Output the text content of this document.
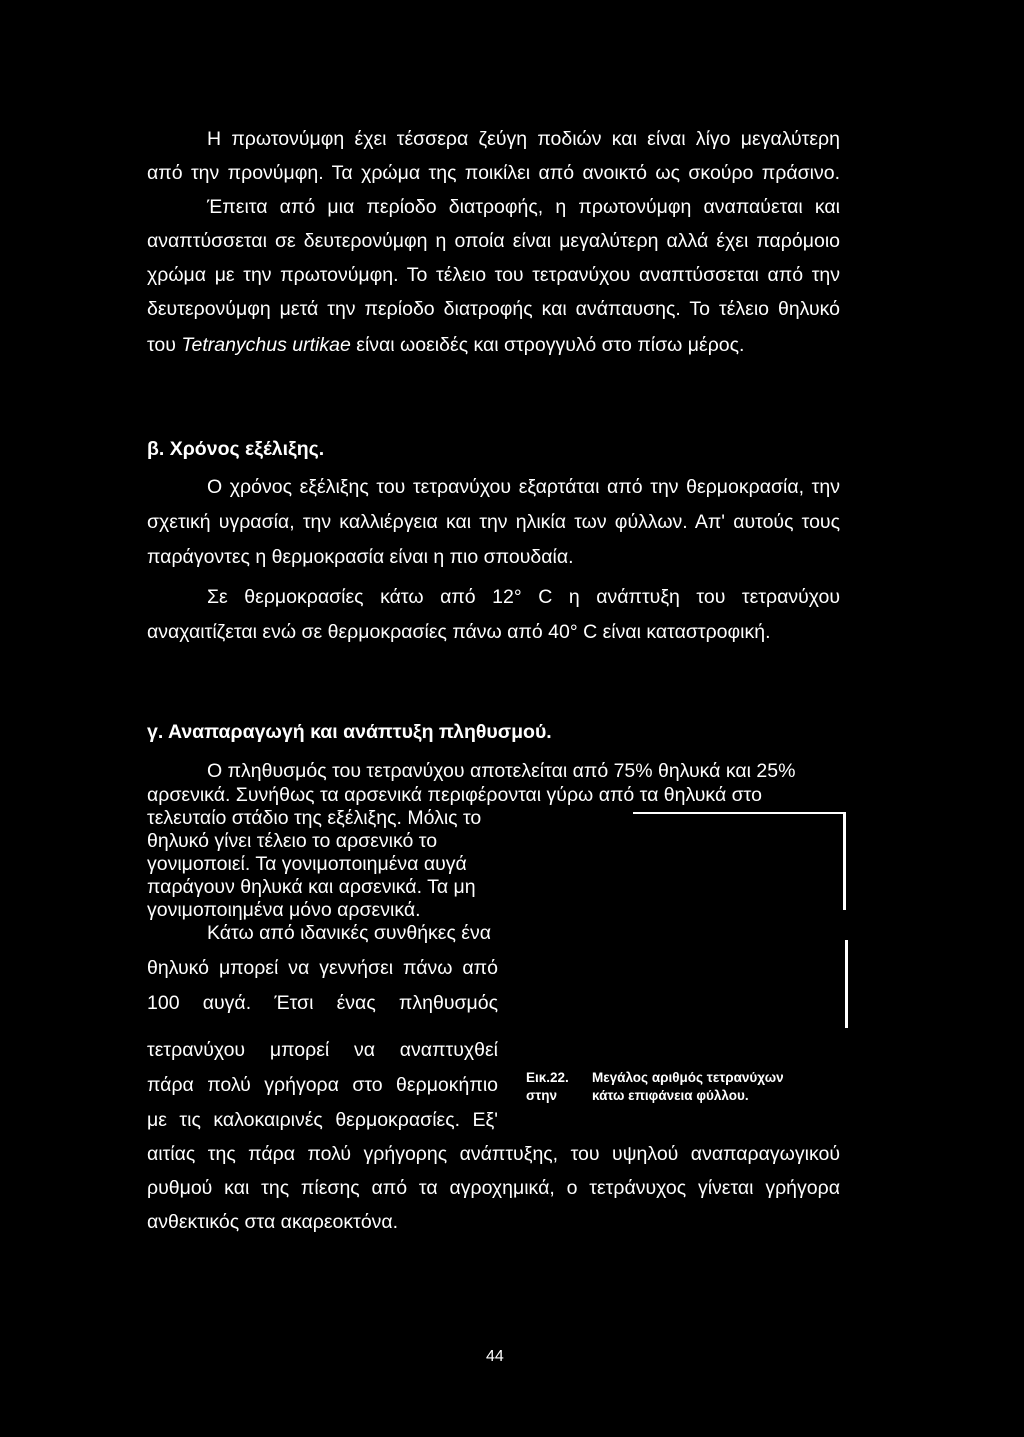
Η πρωτονύμφη έχει τέσσερα ζεύγη ποδιών και είναι λίγο μεγαλύτερη

από την πρoνύμφη. Τα χρώμα της ποικίλει από ανοικτό ως σκούρο πράσινο.

Έπειτα από μια περίοδο διατροφής, η πρωτονύμφη αναπαύεται και

αναπτύσσεται σε δευτερονύμφη η οποία είναι μεγαλύτερη αλλά έχει παρόμοιο

χρώμα με την πρωτονύμφη. Το τέλειο του τετρανύχου αναπτύσσεται από την

δευτερονύμφη μετά την περίοδο διατροφής και ανάπαυσης. Το τέλειο θηλυκό

του Tetranychus urtikae είναι ωοειδές και στρογγυλό στο πίσω μέρος.

β. Χρόνος εξέλιξης.

Ο χρόνος εξέλιξης του τετρανύχου εξαρτάται από την θερμοκρασία, την

σχετική υγρασία, την καλλιέργεια και την ηλικία των φύλλων. Απ' αυτούς τους

παράγοντες η θερμοκρασία είναι η πιο σπουδαία.

Σε θερμοκρασίες κάτω από 12° C η ανάπτυξη του τετρανύχου

αναχαιτίζεται ενώ σε θερμοκρασίες πάνω από 40° C είναι καταστροφική.

γ. Αναπαραγωγή και ανάπτυξη πληθυσμού.

Ο πληθυσμός του τετρανύχου αποτελείται από 75% θηλυκά και 25%

αρσενικά. Συνήθως τα αρσενικά περιφέρονται γύρω από τα θηλυκά στο

τελευταίο στάδιο της εξέλιξης. Μόλις το

θηλυκό γίνει τέλειο το αρσενικό το

γονιμοποιεί. Τα γονιμοποιημένα αυγά

παράγουν θηλυκά και αρσενικά. Τα μη

γονιμοποιημένα μόνο αρσενικά.

Κάτω από ιδανικές συνθήκες ένα

θηλυκό μπορεί να γεννήσει πάνω από

100 αυγά. Έτσι ένας πληθυσμός

τετρανύχου μπορεί να αναπτυχθεί

πάρα πολύ γρήγορα στο θερμοκήπιο

με τις καλοκαιρινές θερμοκρασίες. Εξ'

αιτίας της πάρα πολύ γρήγορης ανάπτυξης, του υψηλού αναπαραγωγικού

ρυθμού και της πίεσης από τα αγροχημικά, ο τετράνυχος γίνεται γρήγορα

ανθεκτικός στα ακαρεοκτόνα.

Εικ.22. Μεγάλος αριθμός τετρανύχων
στην	κάτω επιφάνεια φύλλου.
44
